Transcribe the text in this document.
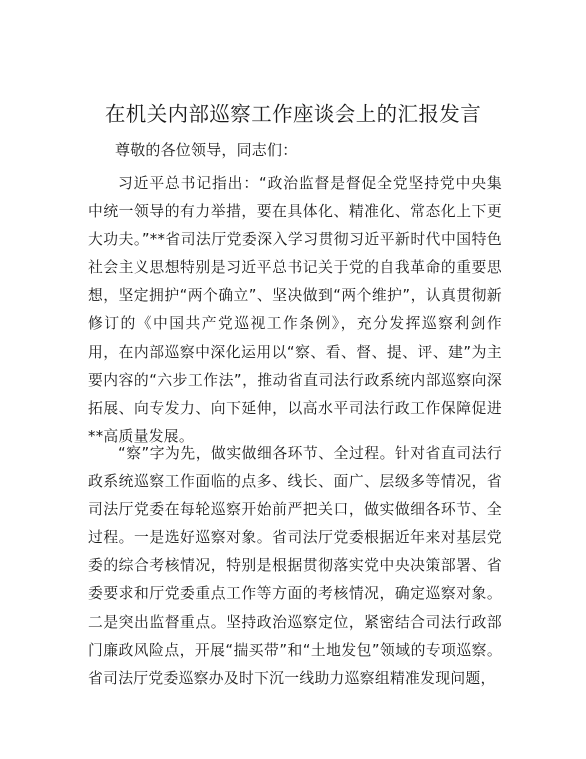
在机关内部巡察工作座谈会上的汇报发言
尊敬的各位领导，同志们：

习近平总书记指出：“政治监督是督促全党坚持党中央集中统一领导的有力举措，要在具体化、精准化、常态化上下更大功夫。”**省司法厅党委深入学习贯彻习近平新时代中国特色社会主义思想特别是习近平总书记关于党的自我革命的重要思想，坚定拥护“两个确立”、坚决做到“两个维护”，认真贯彻新修订的《中国共产党巡视工作条例》，充分发挥巡察利剑作用，在内部巡察中深化运用以“察、看、督、提、评、建”为主要内容的“六步工作法”，推动省直司法行政系统内部巡察向深拓展、向专发力、向下延伸，以高水平司法行政工作保障促进**高质量发展。

“察”字为先，做实做细各环节、全过程。针对省直司法行政系统巡察工作面临的点多、线长、面广、层级多等情况，省司法厅党委在每轮巡察开始前严把关口，做实做细各环节、全过程。一是选好巡察对象。省司法厅党委根据近年来对基层党委的综合考核情况，特别是根据贯彻落实党中央决策部署、省委要求和厅党委重点工作等方面的考核情况，确定巡察对象。二是突出监督重点。坚持政治巡察定位，紧密结合司法行政部门廉政风险点，开展“揣买带”和“土地发包”领域的专项巡察。省司法厅党委巡察办及时下沉一线助力巡察组精准发现问题，
